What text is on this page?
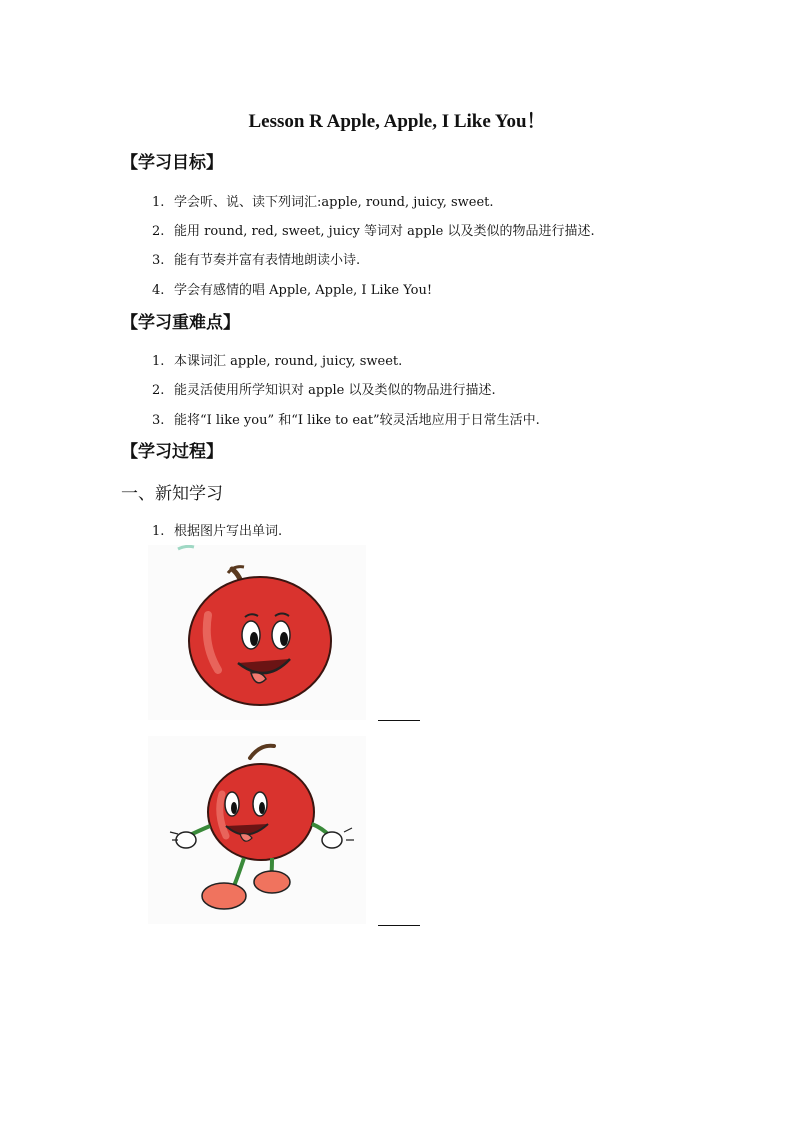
Lesson R Apple, Apple, I Like You！
【学习目标】
1. 学会听、说、读下列词汇:apple, round, juicy, sweet.
2. 能用 round, red, sweet, juicy 等词对 apple 以及类似的物品进行描述.
3. 能有节奏并富有表情地朗读小诗.
4. 学会有感情的唱 Apple, Apple, I Like You!
【学习重难点】
1. 本课词汇 apple, round, juicy, sweet.
2. 能灵活使用所学知识对 apple 以及类似的物品进行描述.
3. 能将“I like you” 和“I like to eat”较灵活地应用于日常生活中.
【学习过程】
一、新知学习
1. 根据图片写出单词.
